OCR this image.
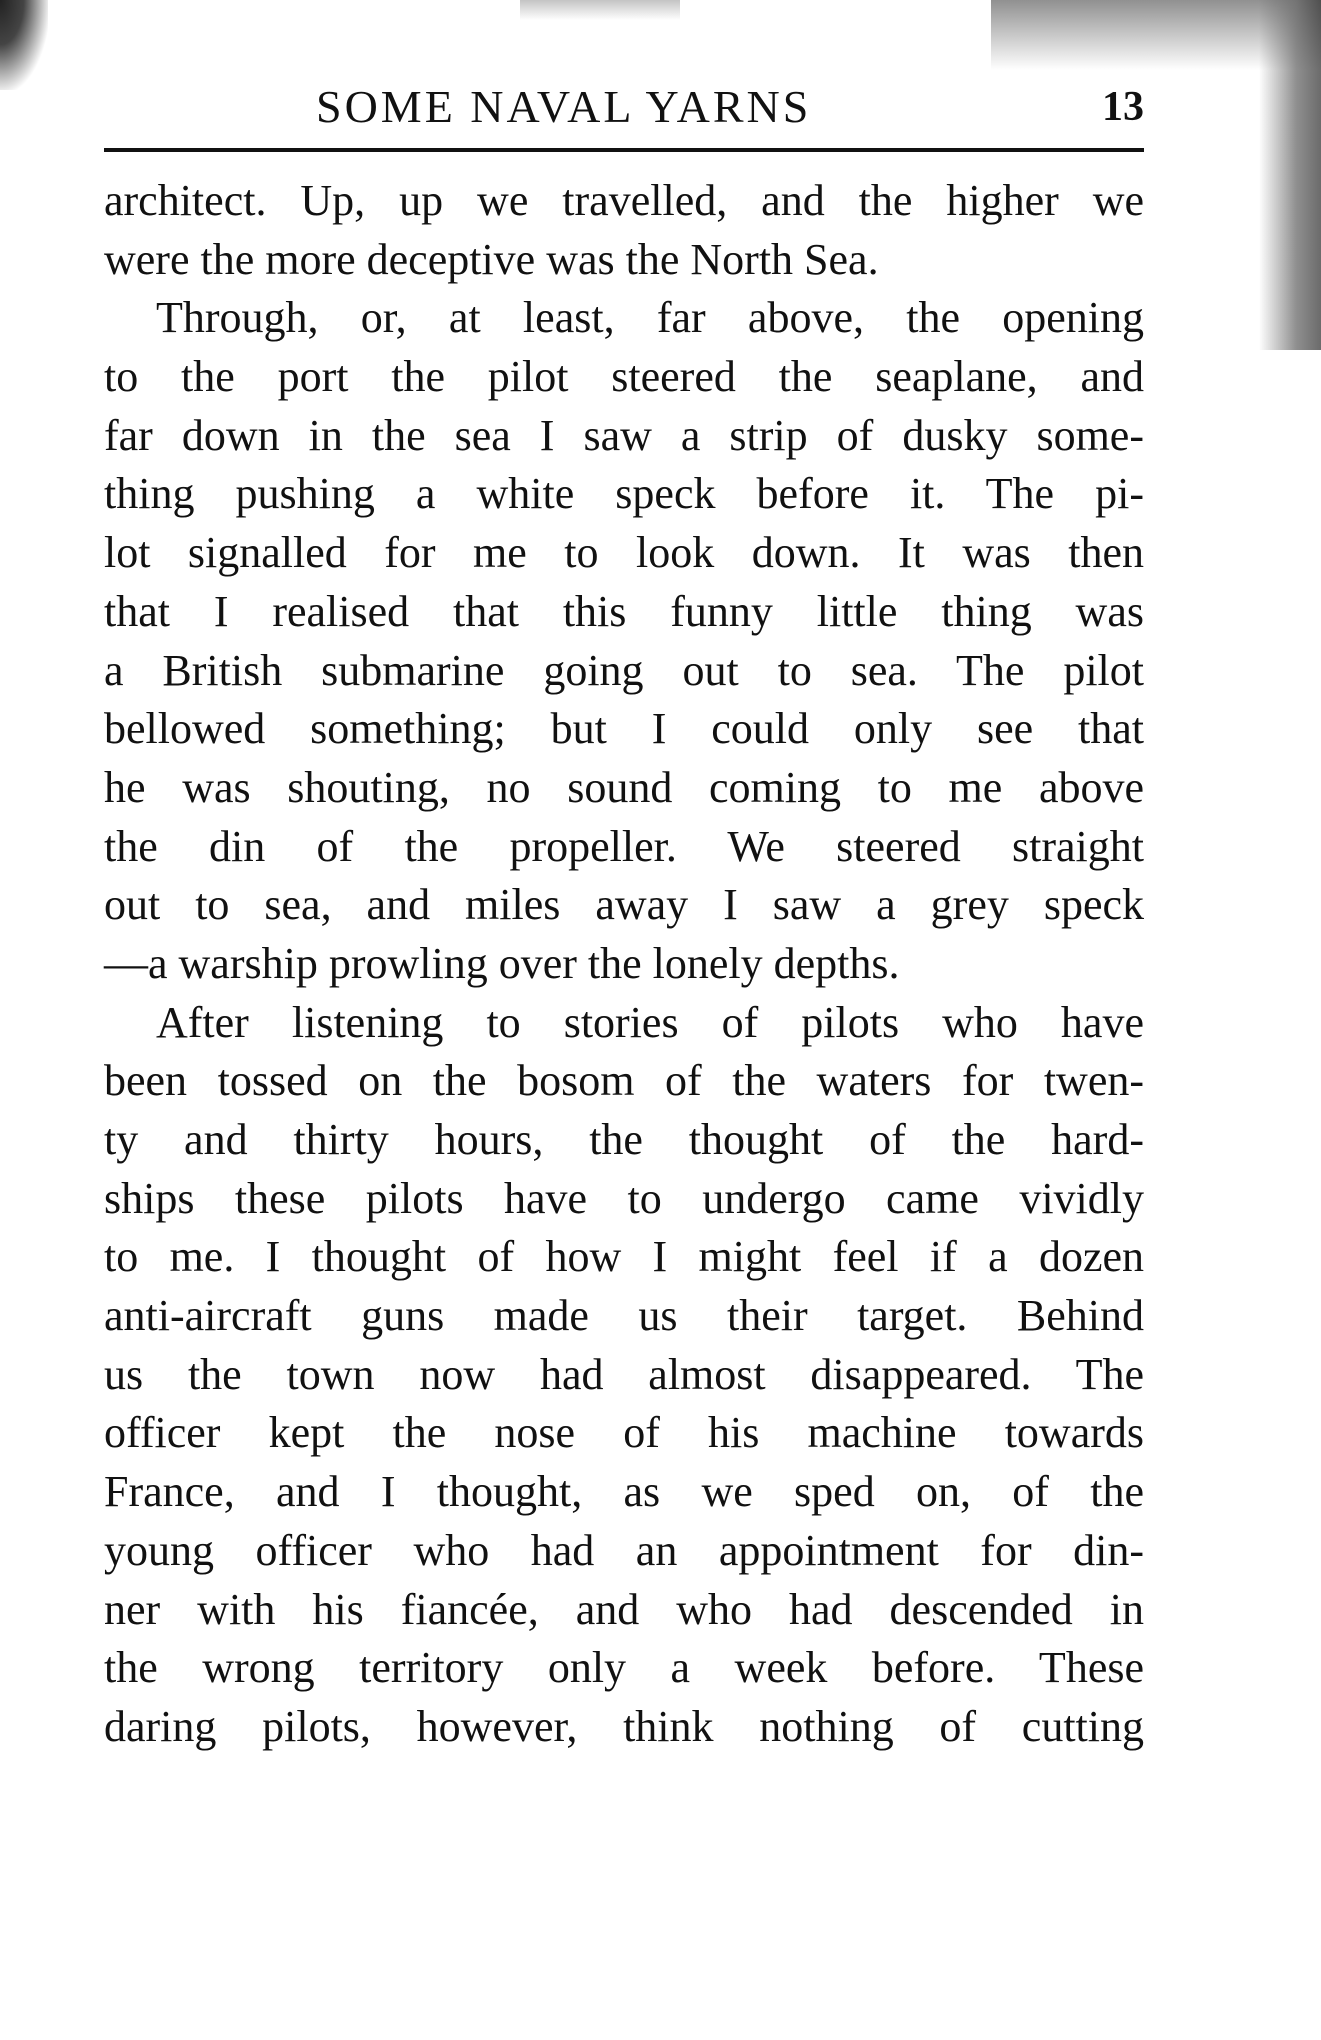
SOME NAVAL YARNS	13
architect. Up, up we travelled, and the higher we
were the more deceptive was the North Sea.
Through, or, at least, far above, the opening
to the port the pilot steered the seaplane, and
far down in the sea I saw a strip of dusky some-
thing pushing a white speck before it. The pi-
lot signalled for me to look down. It was then
that I realised that this funny little thing was
a British submarine going out to sea. The pilot
bellowed something; but I could only see that
he was shouting, no sound coming to me above
the din of the propeller. We steered straight
out to sea, and miles away I saw a grey speck
—a warship prowling over the lonely depths.
After listening to stories of pilots who have
been tossed on the bosom of the waters for twen-
ty and thirty hours, the thought of the hard-
ships these pilots have to undergo came vividly
to me. I thought of how I might feel if a dozen
anti-aircraft guns made us their target. Behind
us the town now had almost disappeared. The
officer kept the nose of his machine towards
France, and I thought, as we sped on, of the
young officer who had an appointment for din-
ner with his fiancée, and who had descended in
the wrong territory only a week before. These
daring pilots, however, think nothing of cutting
